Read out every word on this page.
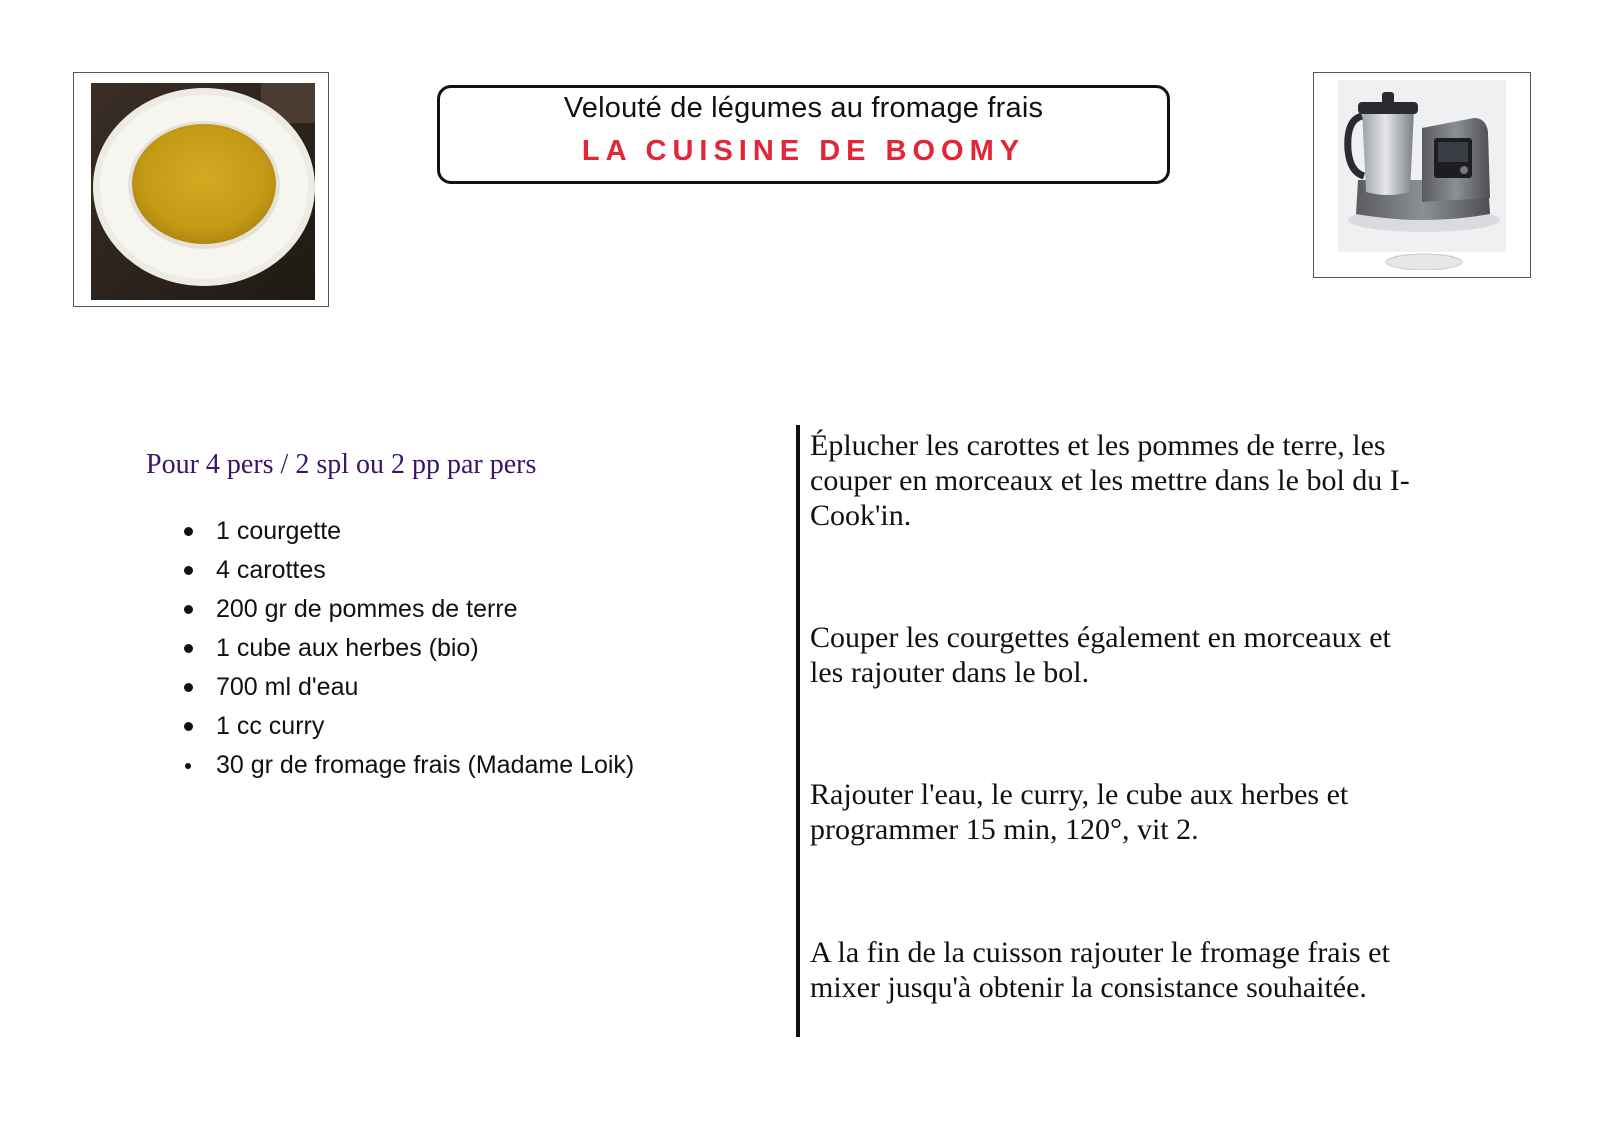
Velouté de légumes au fromage frais
LA CUISINE DE BOOMY
Pour 4 pers / 2 spl ou 2 pp par pers
1 courgette
4 carottes
200 gr de pommes de terre
1 cube aux herbes (bio)
700 ml d'eau
1 cc curry
30 gr de fromage frais (Madame Loik)
Éplucher les carottes et les pommes de terre, les couper en morceaux et les mettre dans le bol du I-Cook'in.
Couper les courgettes également en morceaux et les rajouter dans le bol.
Rajouter l'eau, le curry, le cube aux herbes et programmer 15 min, 120°, vit 2.
A la fin de la cuisson rajouter le fromage frais et mixer jusqu'à obtenir la consistance souhaitée.
